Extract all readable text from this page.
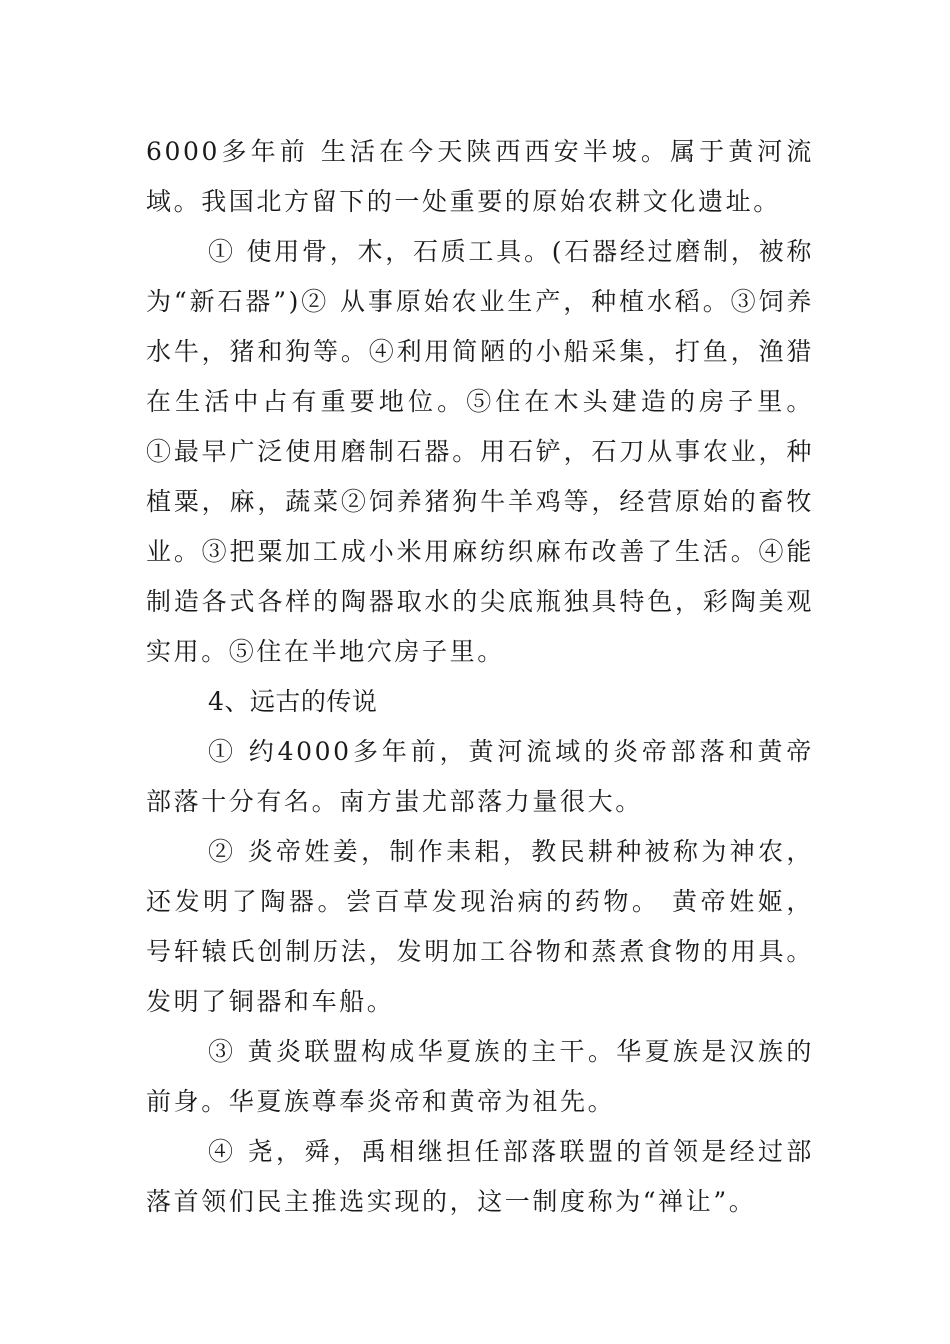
6000多年前 生活在今天陕西西安半坡。属于黄河流域。我国北方留下的一处重要的原始农耕文化遗址。

① 使用骨，木，石质工具。(石器经过磨制，被称为“新石器”)② 从事原始农业生产，种植水稻。③饲养水牛，猪和狗等。④利用简陋的小船采集，打鱼，渔猎在生活中占有重要地位。⑤住在木头建造的房子里。 ①最早广泛使用磨制石器。用石铲，石刀从事农业，种植粟，麻，蔬菜②饲养猪狗牛羊鸡等，经营原始的畜牧业。③把粟加工成小米用麻纺织麻布改善了生活。④能制造各式各样的陶器取水的尖底瓶独具特色，彩陶美观实用。⑤住在半地穴房子里。

4、远古的传说

① 约4000多年前，黄河流域的炎帝部落和黄帝部落十分有名。南方蚩尤部落力量很大。

② 炎帝姓姜，制作耒耜，教民耕种被称为神农，还发明了陶器。尝百草发现治病的药物。 黄帝姓姬，号轩辕氏创制历法，发明加工谷物和蒸煮食物的用具。发明了铜器和车船。

③ 黄炎联盟构成华夏族的主干。华夏族是汉族的前身。华夏族尊奉炎帝和黄帝为祖先。

④ 尧，舜，禹相继担任部落联盟的首领是经过部落首领们民主推选实现的，这一制度称为“禅让”。
